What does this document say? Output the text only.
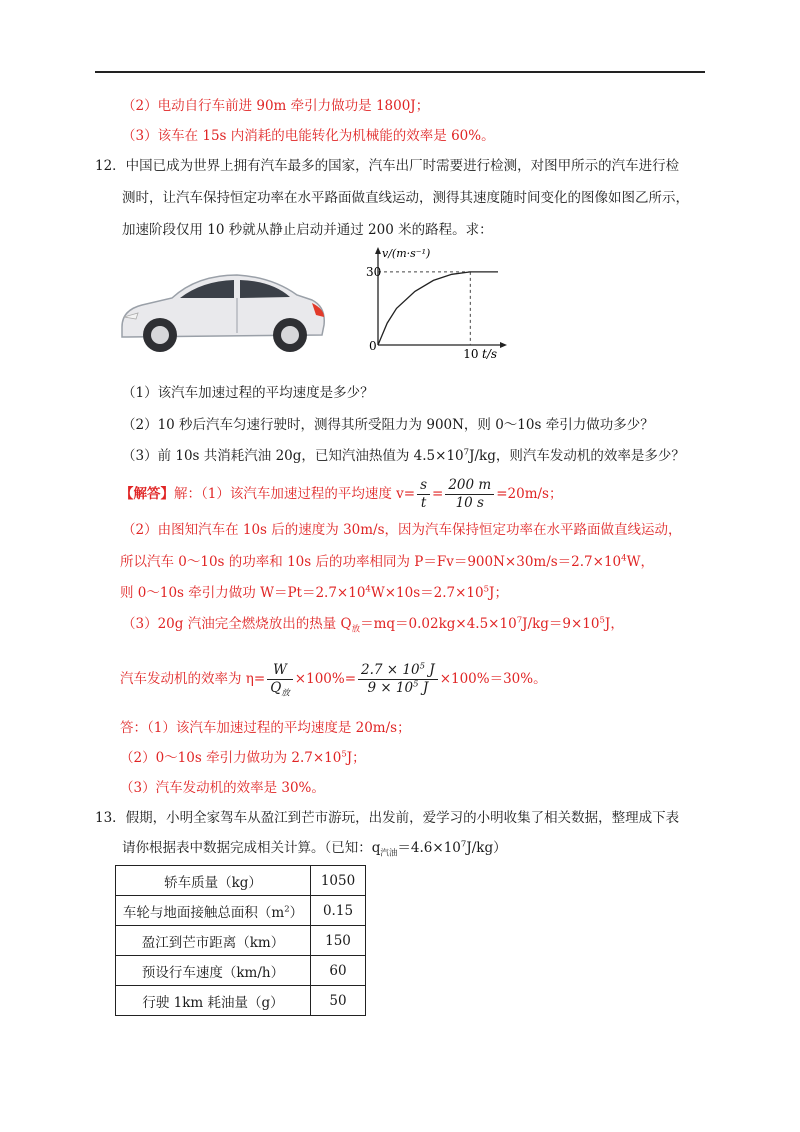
（2）电动自行车前进 90m 牵引力做功是 1800J；
（3）该车在 15s 内消耗的电能转化为机械能的效率是 60%。
12．中国已成为世界上拥有汽车最多的国家，汽车出厂时需要进行检测，对图甲所示的汽车进行检
测时，让汽车保持恒定功率在水平路面做直线运动，测得其速度随时间变化的图像如图乙所示，
加速阶段仅用 10 秒就从静止启动并通过 200 米的路程。求：
v/(m·s⁻¹)
30
0
10 t/s
（1）该汽车加速过程的平均速度是多少？
（2）10 秒后汽车匀速行驶时，测得其所受阻力为 900N，则 0～10s 牵引力做功多少？
（3）前 10s 共消耗汽油 20g，已知汽油热值为 $4.5\times 10^7J/kg$，则汽车发动机的效率是多少？
【解答】解：（1）该汽车加速过程的平均速度 $v= \frac{s}{t} = \frac{200 m}{10 s} =20m/s$；
（2）由图知汽车在 10s 后的速度为 30m/s，因为汽车保持恒定功率在水平路面做直线运动，
所以汽车 0～10s 的功率和 10s 后的功率相同为 $P=Fv=900N\times 30m/s=2.7\times 10^4W$，
则 0～10s 牵引力做功 $W=Pt=2.7\times 10^4W\times 10s=2.7\times 10^5J$；
（3）20g 汽油完全燃烧放出的热量 $Q_放=mq=0.02kg\times 4.5\times 10^7J/kg=9\times 10^5J$，
汽车发动机的效率为 $\eta= \frac{W}{Q_放} \times 100\%= \frac{2.7 \times 10^5 J}{9 \times 10^5 J} \times 100\%=30\%$。
答：（1）该汽车加速过程的平均速度是 20m/s；
（2）0～10s 牵引力做功为 $2.7\times 10^5J$；
（3）汽车发动机的效率是 30%。
13．假期，小明全家驾车从盈江到芒市游玩，出发前，爱学习的小明收集了相关数据，整理成下表
请你根据表中数据完成相关计算。（已知：$q_{汽油}=4.6\times 10^7J/kg$）
轿车质量（kg）	1050
车轮与地面接触总面积$(m^2)$	0.15
盈江到芒市距离（km）	150
预设行车速度（km/h）	60
行驶 1km 耗油量（g）	50
